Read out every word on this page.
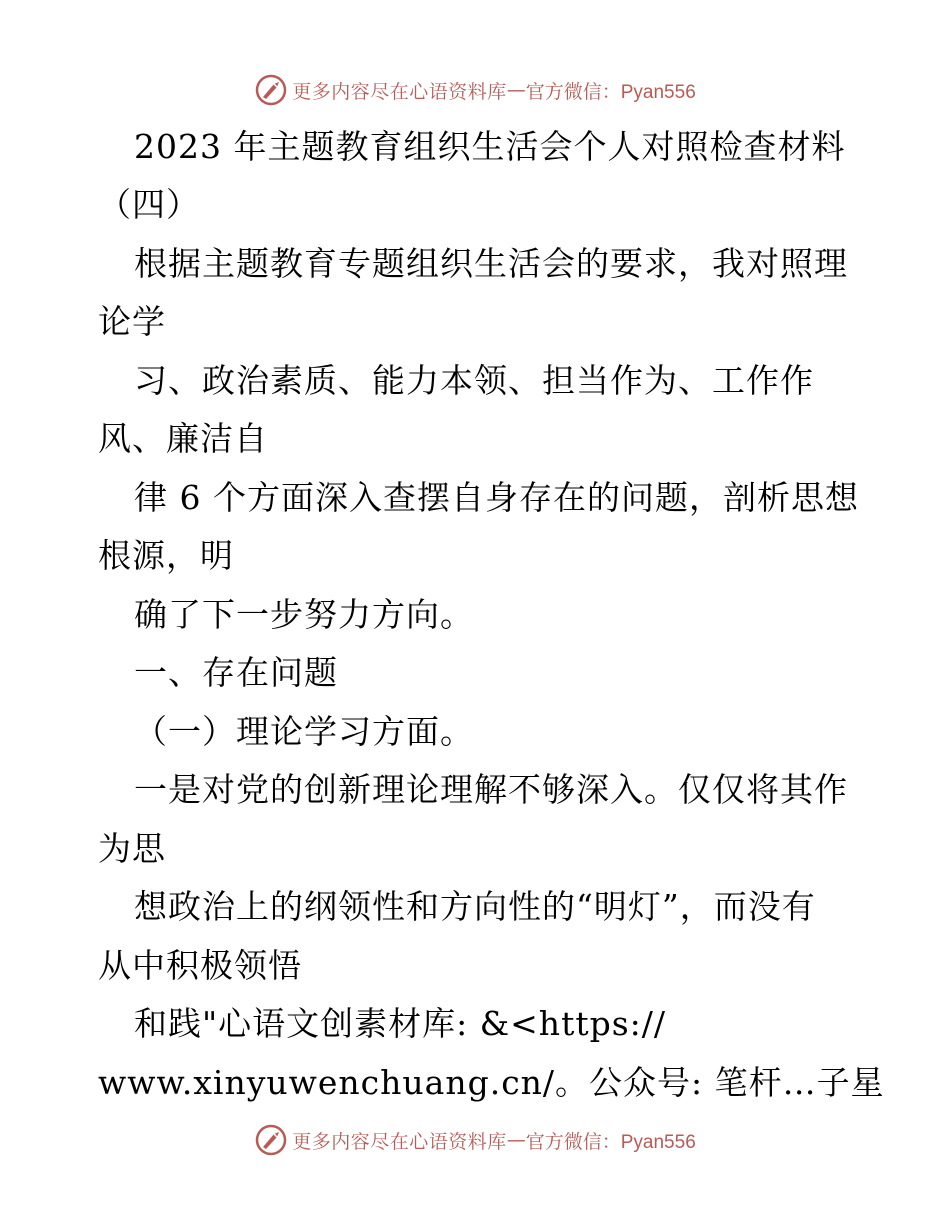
更多内容尽在心语资料库 — 官方微信：Pyan556
2023 年主题教育组织生活会个人对照检查材料
（四）
根据主题教育专题组织生活会的要求，我对照理
论学
习、政治素质、能力本领、担当作为、工作作
风、廉洁自
律 6 个方面深入查摆自身存在的问题，剖析思想
根源，明
确了下一步努力方向。
一、存在问题
（一）理论学习方面。
一是对党的创新理论理解不够深入。仅仅将其作
为思
想政治上的纲领性和方向性的“明灯”，而没有
从中积极领悟
和践"心语文创素材库: &<https://
www.xinyuwenchuang.cn/。公众号: 笔杆…子星
更多内容尽在心语资料库 — 官方微信：Pyan556
